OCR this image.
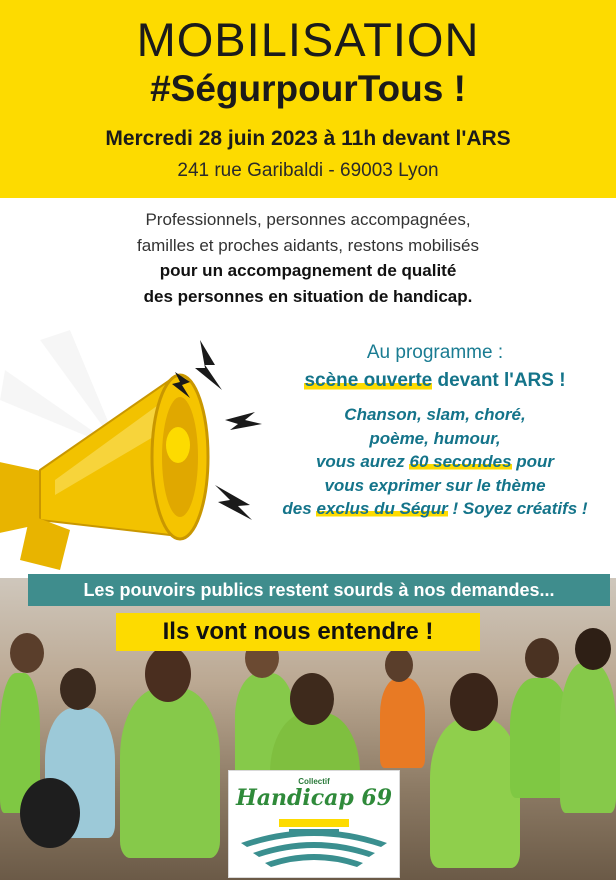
MOBILISATION
#SégurpourTous !
Mercredi 28 juin 2023 à 11h devant l'ARS
241 rue Garibaldi - 69003 Lyon
Professionnels, personnes accompagnées,
familles et proches aidants, restons mobilisés
pour un accompagnement de qualité
des personnes en situation de handicap.
Au programme :
scène ouverte devant l'ARS !
Chanson, slam, choré,
poème, humour,
vous aurez 60 secondes pour
vous exprimer sur le thème
des exclus du Ségur ! Soyez créatifs !
Les pouvoirs publics restent sourds à nos demandes...
Ils vont nous entendre !
Collectif
Handicap 69
